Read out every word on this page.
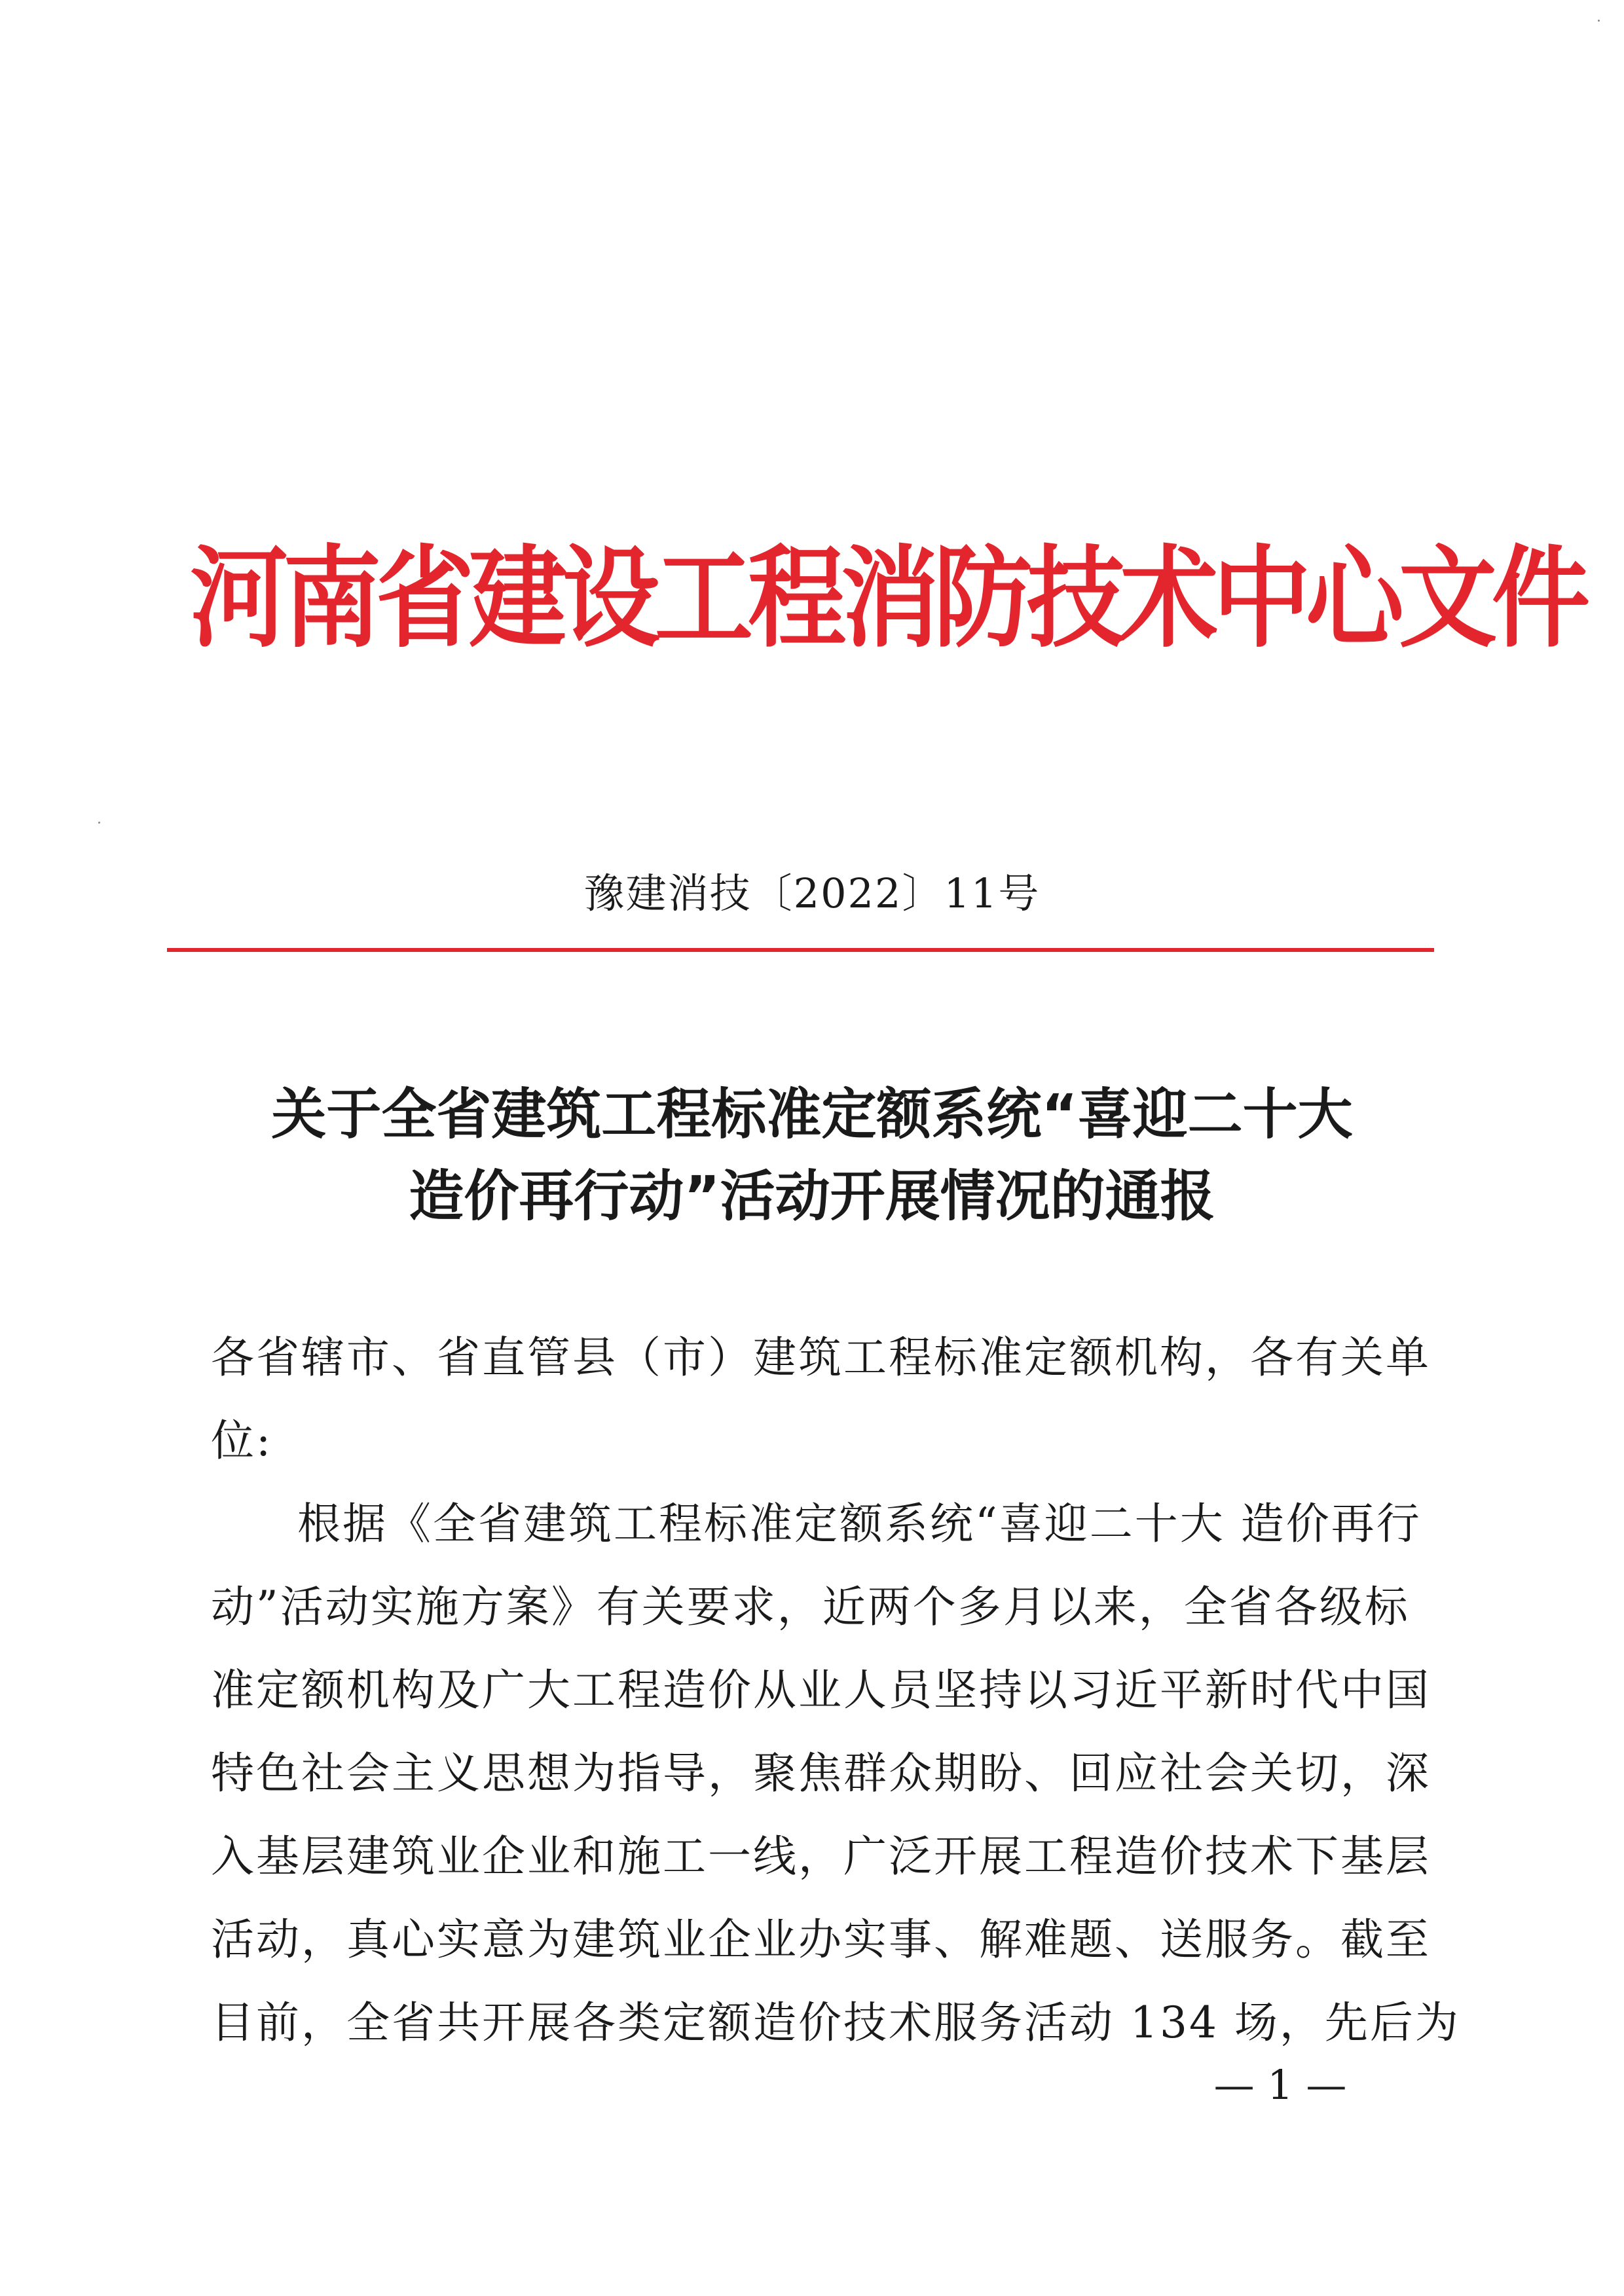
河南省建设工程消防技术中心文件
豫建消技〔2022〕11号
关于全省建筑工程标准定额系统“喜迎二十大
造价再行动”活动开展情况的通报
各省辖市、省直管县（市）建筑工程标准定额机构，各有关单
位:
根据《全省建筑工程标准定额系统“喜迎二十大 造价再行
动”活动实施方案》有关要求，近两个多月以来，全省各级标
准定额机构及广大工程造价从业人员坚持以习近平新时代中国
特色社会主义思想为指导，聚焦群众期盼、回应社会关切，深
入基层建筑业企业和施工一线，广泛开展工程造价技术下基层
活动，真心实意为建筑业企业办实事、解难题、送服务。截至
目前，全省共开展各类定额造价技术服务活动 134 场，先后为
— 1 —
